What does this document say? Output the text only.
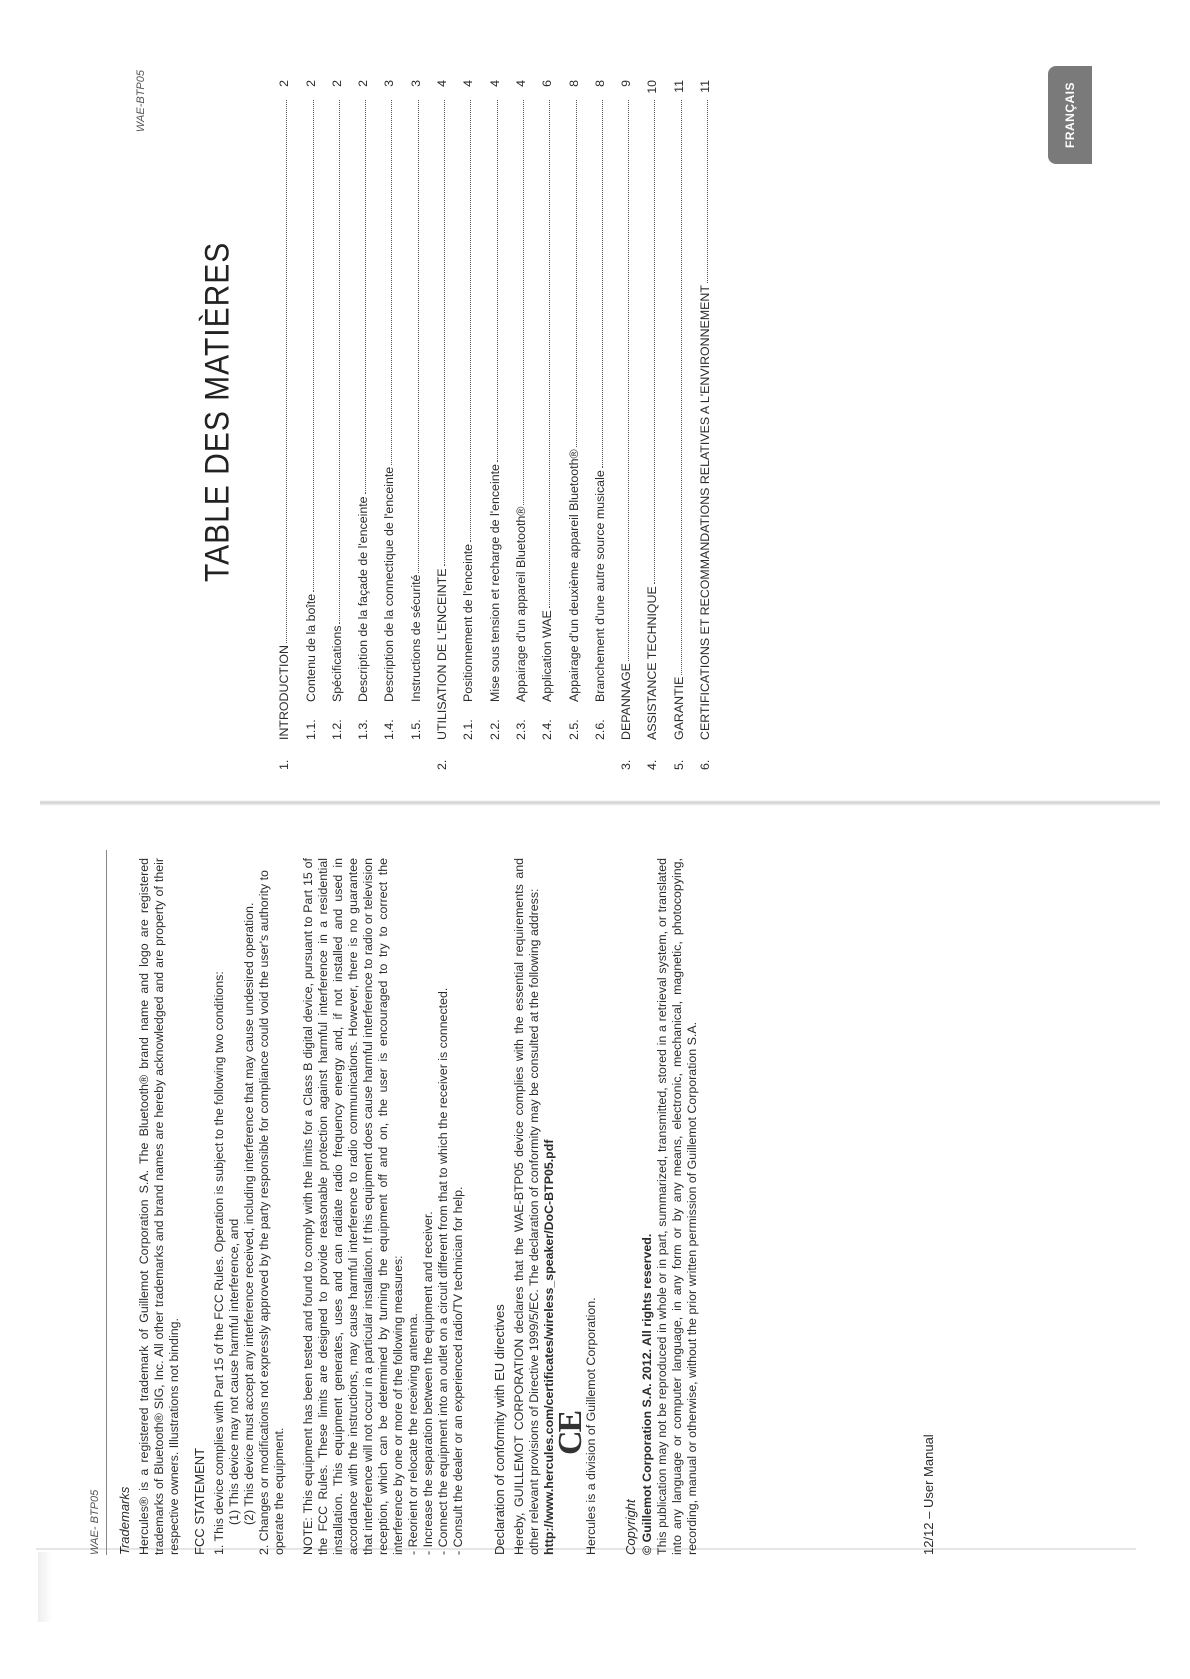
FRANÇAIS
WAE-BTP05
TABLE DES MATIÈRES
1.
INTRODUCTION
2
1.1.
Contenu de la boîte
2
1.2.
Spécifications
2
1.3.
Description de la façade de l'enceinte
2
1.4.
Description de la connectique de l'enceinte
3
1.5.
Instructions de sécurité
3
2.
UTILISATION DE L'ENCEINTE
4
2.1.
Positionnement de l'enceinte
4
2.2.
Mise sous tension et recharge de l'enceinte
4
2.3.
Appairage d'un appareil Bluetooth®
4
2.4.
Application WAE
6
2.5.
Appairage d'un deuxième appareil Bluetooth®
8
2.6.
Branchement d'une autre source musicale
8
3.
DEPANNAGE
9
4.
ASSISTANCE TECHNIQUE
10
5.
GARANTIE
11
6.
CERTIFICATIONS ET RECOMMANDATIONS RELATIVES A L'ENVIRONNEMENT
11
WAE- BTP05	Trademarks Hercules® is a registered trademark of Guillemot Corporation S.A. The Bluetooth® brand name and logo are registered trademarks of Bluetooth® SIG, Inc. All other trademarks and brand names are hereby acknowledged and are property of their respective owners. Illustrations not binding. FCC STATEMENT 1. This device complies with Part 15 of the FCC Rules. Operation is subject to the following two conditions: (1) This device may not cause harmful interference, and (2) This device must accept any interference received, including interference that may cause undesired operation. 2. Changes or modifications not expressly approved by the party responsible for compliance could void the user's authority to operate the equipment. NOTE: This equipment has been tested and found to comply with the limits for a Class B digital device, pursuant to Part 15 of the FCC Rules. These limits are designed to provide reasonable protection against harmful interference in a residential installation. This equipment generates, uses and can radiate radio frequency energy and, if not installed and used in accordance with the instructions, may cause harmful interference to radio communications. However, there is no guarantee that interference will not occur in a particular installation. If this equipment does cause harmful interference to radio or television reception, which can be determined by turning the equipment off and on, the user is encouraged to try to correct the interference by one or more of the following measures: - Reorient or relocate the receiving antenna. - Increase the separation between the equipment and receiver. - Connect the equipment into an outlet on a circuit different from that to which the receiver is connected. - Consult the dealer or an experienced radio/TV technician for help. Declaration of conformity with EU directives Hereby, GUILLEMOT CORPORATION declares that the WAE-BTP05 device complies with the essential requirements and other relevant provisions of Directive 1999/5/EC. The declaration of conformity may be consulted at the following address: http://www.hercules.com/certificates/wireless_speaker/DoC-BTP05.pdf
CE

Hercules is a division of Guillemot Corporation. Copyright © Guillemot Corporation S.A. 2012. All rights reserved. This publication may not be reproduced in whole or in part, summarized, transmitted, stored in a retrieval system, or translated into any language or computer language, in any form or by any means, electronic, mechanical, magnetic, photocopying, recording, manual or otherwise, without the prior written permission of Guillemot Corporation S.A.	12/12 – User Manual
